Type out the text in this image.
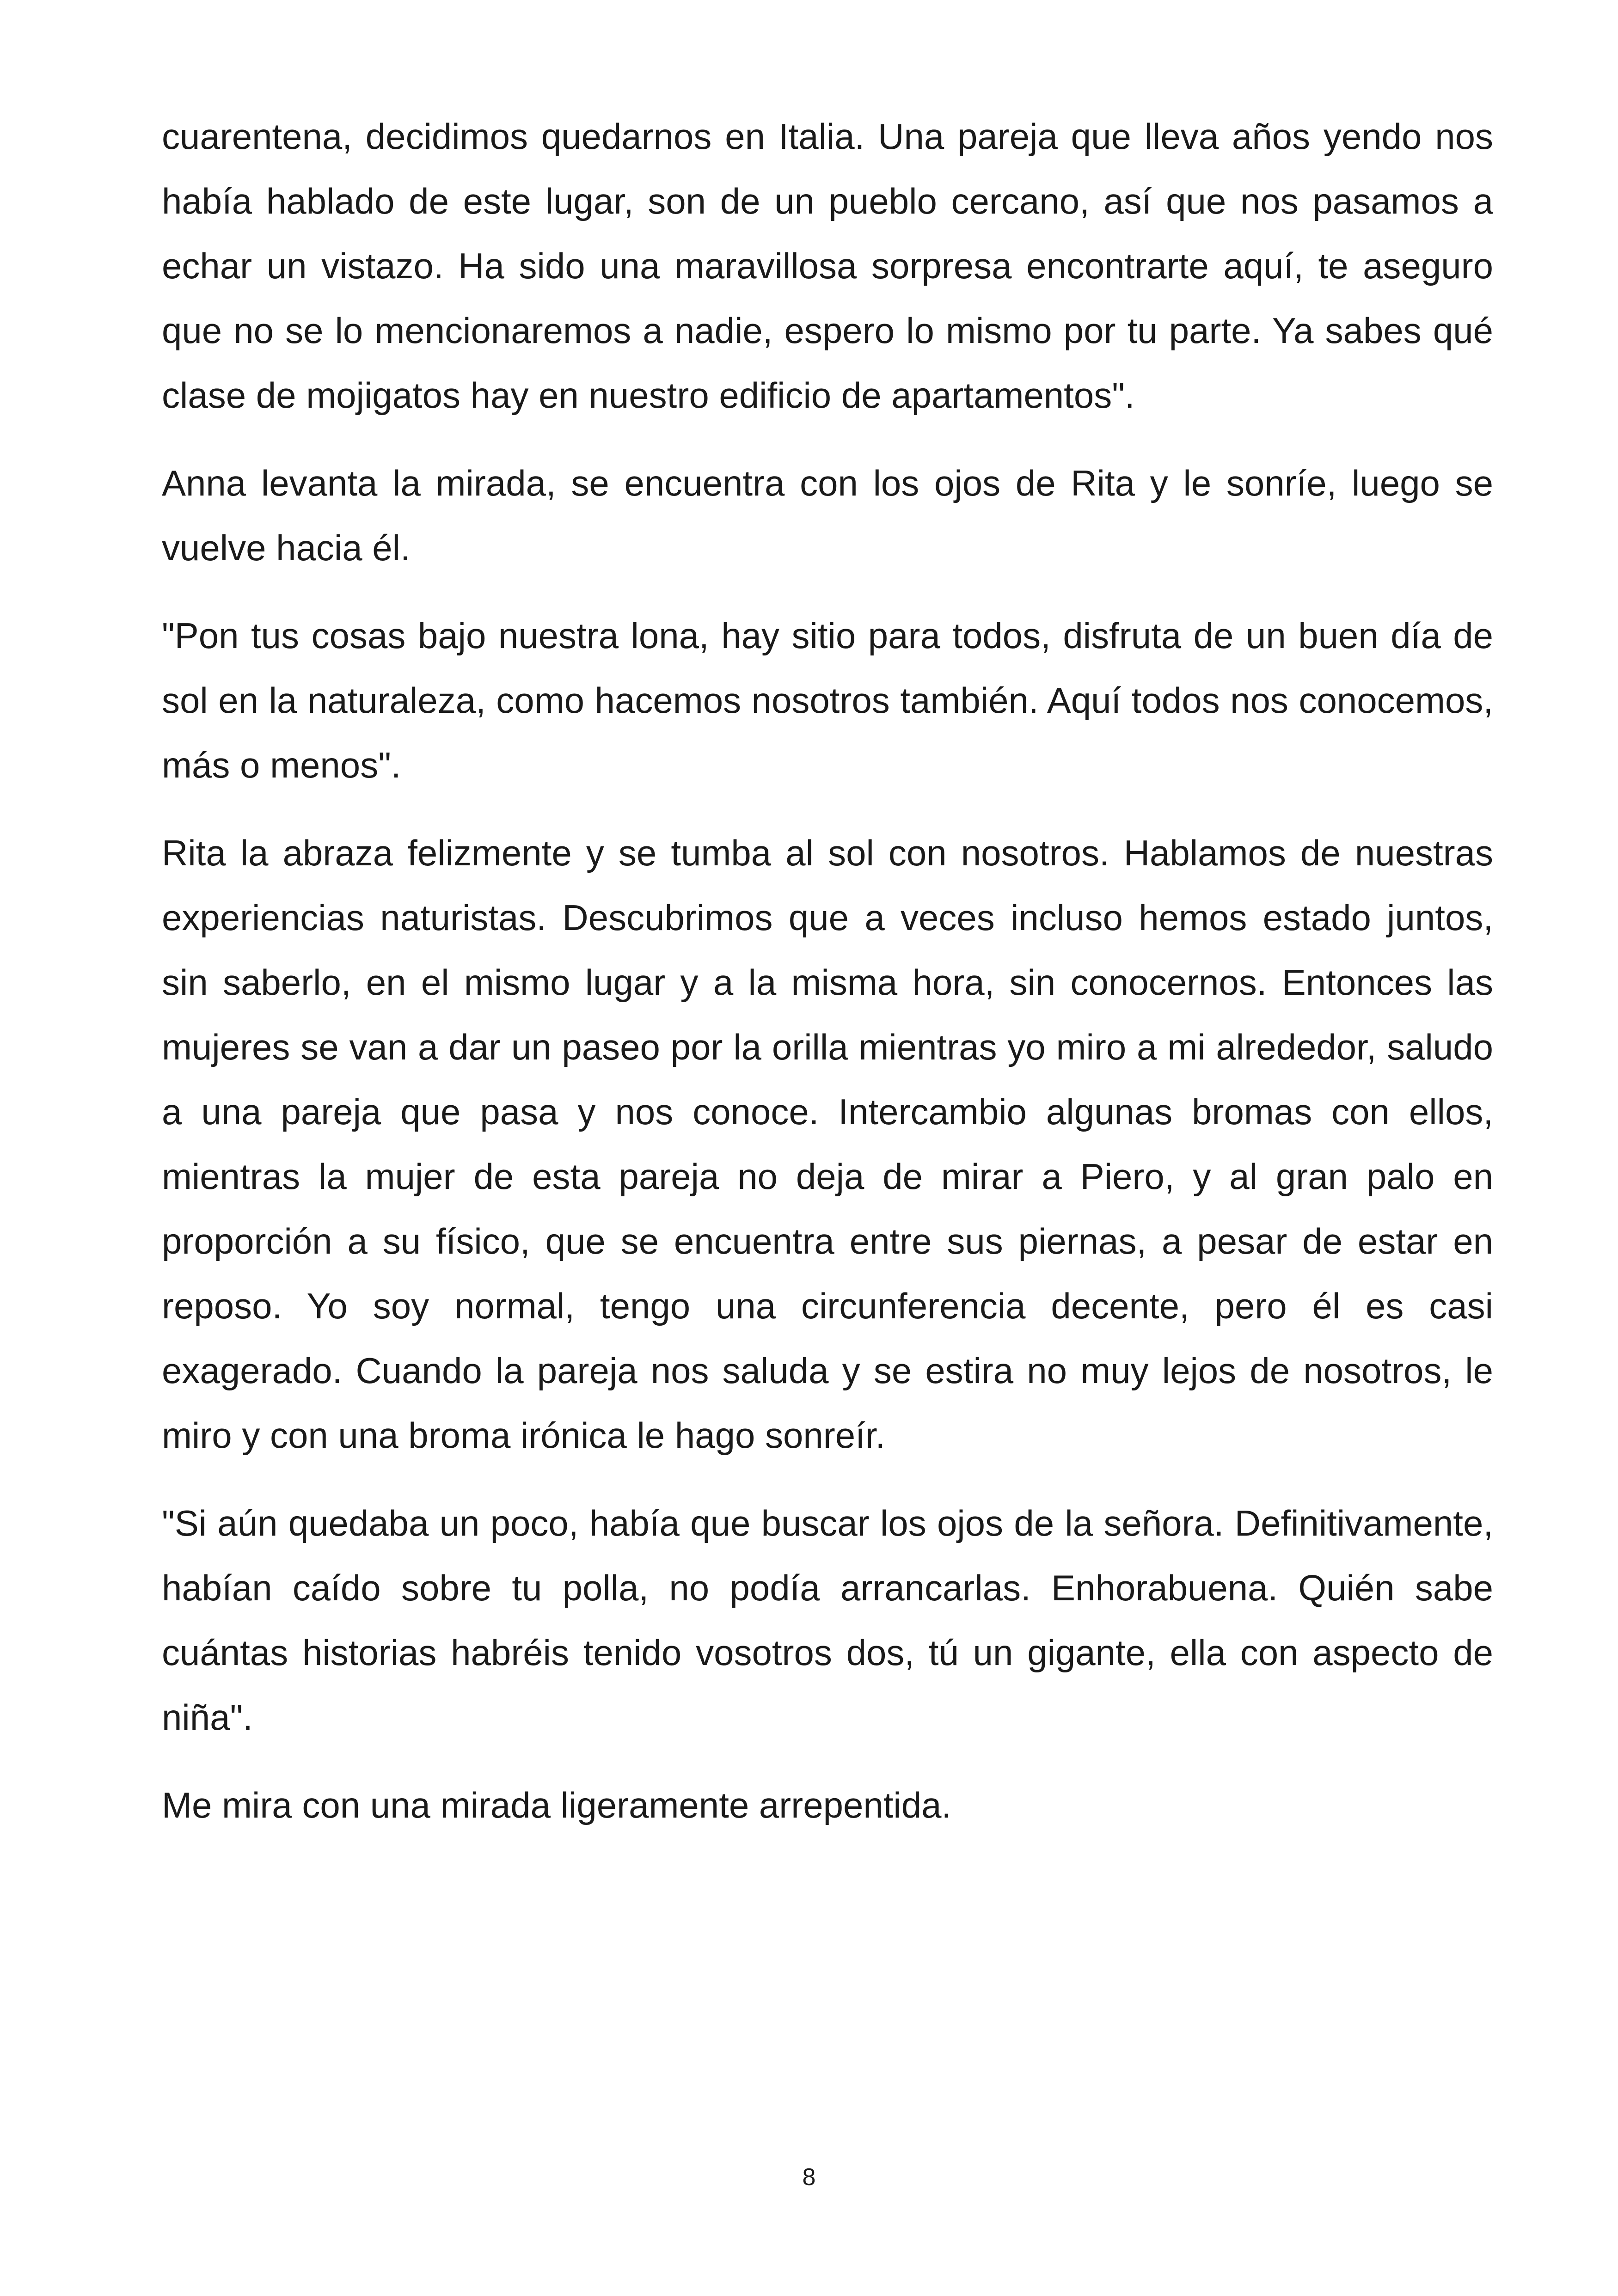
cuarentena, decidimos quedarnos en Italia. Una pareja que lleva años yendo nos había hablado de este lugar, son de un pueblo cercano, así que nos pasamos a echar un vistazo. Ha sido una maravillosa sorpresa encontrarte aquí, te aseguro que no se lo mencionaremos a nadie, espero lo mismo por tu parte. Ya sabes qué clase de mojigatos hay en nuestro edificio de apartamentos".

Anna levanta la mirada, se encuentra con los ojos de Rita y le sonríe, luego se vuelve hacia él.

"Pon tus cosas bajo nuestra lona, hay sitio para todos, disfruta de un buen día de sol en la naturaleza, como hacemos nosotros también. Aquí todos nos conocemos, más o menos".

Rita la abraza felizmente y se tumba al sol con nosotros. Hablamos de nuestras experiencias naturistas. Descubrimos que a veces incluso hemos estado juntos, sin saberlo, en el mismo lugar y a la misma hora, sin conocernos. Entonces las mujeres se van a dar un paseo por la orilla mientras yo miro a mi alrededor, saludo a una pareja que pasa y nos conoce. Intercambio algunas bromas con ellos, mientras la mujer de esta pareja no deja de mirar a Piero, y al gran palo en proporción a su físico, que se encuentra entre sus piernas, a pesar de estar en reposo. Yo soy normal, tengo una circunferencia decente, pero él es casi exagerado. Cuando la pareja nos saluda y se estira no muy lejos de nosotros, le miro y con una broma irónica le hago sonreír.

"Si aún quedaba un poco, había que buscar los ojos de la señora. Definitivamente, habían caído sobre tu polla, no podía arrancarlas. Enhorabuena. Quién sabe cuántas historias habréis tenido vosotros dos, tú un gigante, ella con aspecto de niña".

Me mira con una mirada ligeramente arrepentida.

8
